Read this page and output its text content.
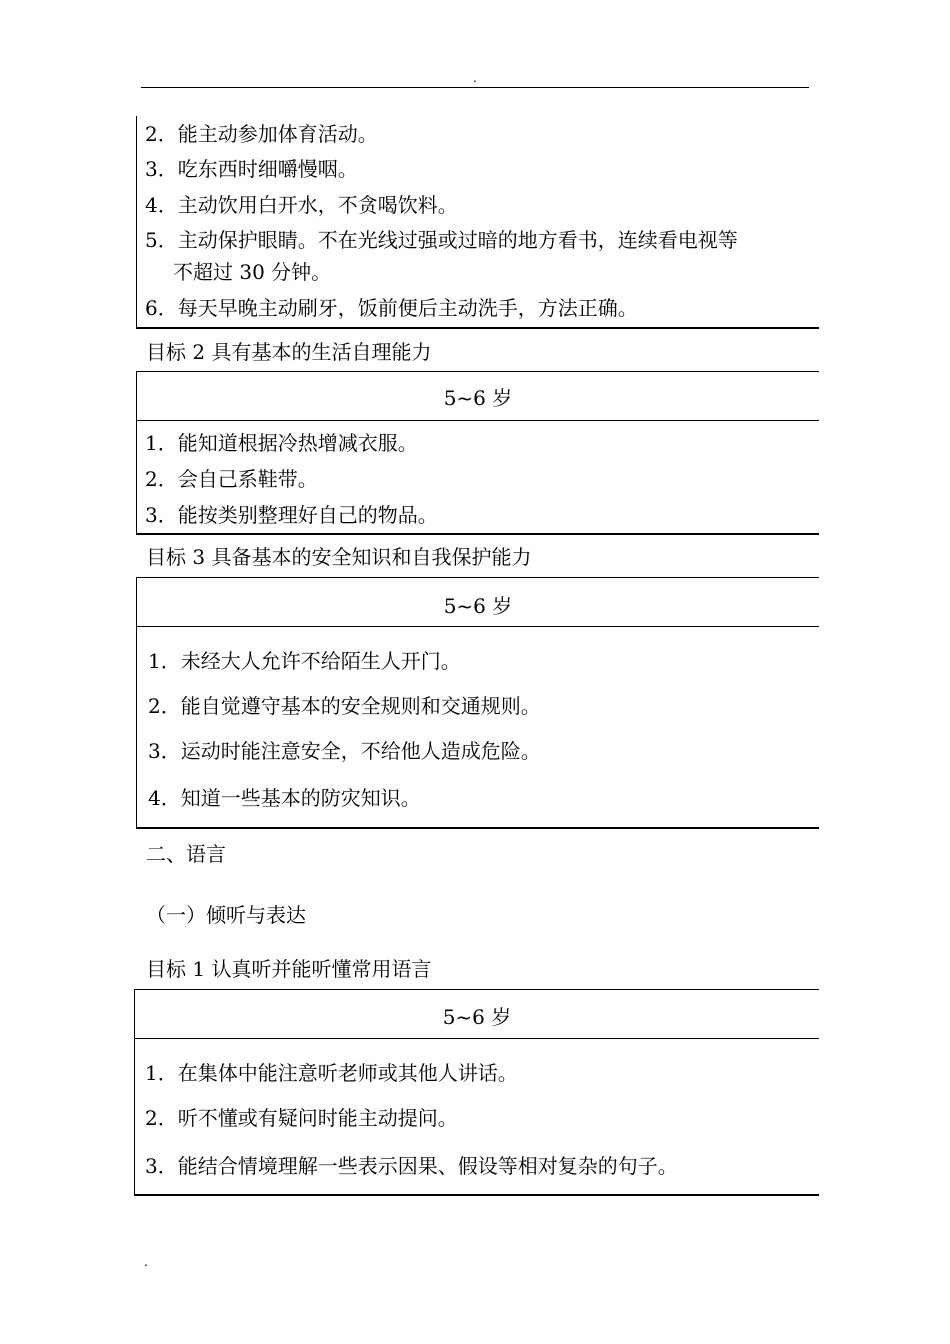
.
2．能主动参加体育活动。
3．吃东西时细嚼慢咽。
4．主动饮用白开水，不贪喝饮料。
5．主动保护眼睛。不在光线过强或过暗的地方看书，连续看电视等
不超过 30 分钟。
6．每天早晚主动刷牙，饭前便后主动洗手，方法正确。
目标 2 具有基本的生活自理能力
5~6 岁
1．能知道根据冷热增减衣服。
2．会自己系鞋带。
3．能按类别整理好自己的物品。
目标 3 具备基本的安全知识和自我保护能力
5~6 岁
1．未经大人允许不给陌生人开门。
2．能自觉遵守基本的安全规则和交通规则。
3．运动时能注意安全，不给他人造成危险。
4．知道一些基本的防灾知识。
二、语言
（一）倾听与表达
目标 1 认真听并能听懂常用语言
5~6 岁
1．在集体中能注意听老师或其他人讲话。
2．听不懂或有疑问时能主动提问。
3．能结合情境理解一些表示因果、假设等相对复杂的句子。
.
